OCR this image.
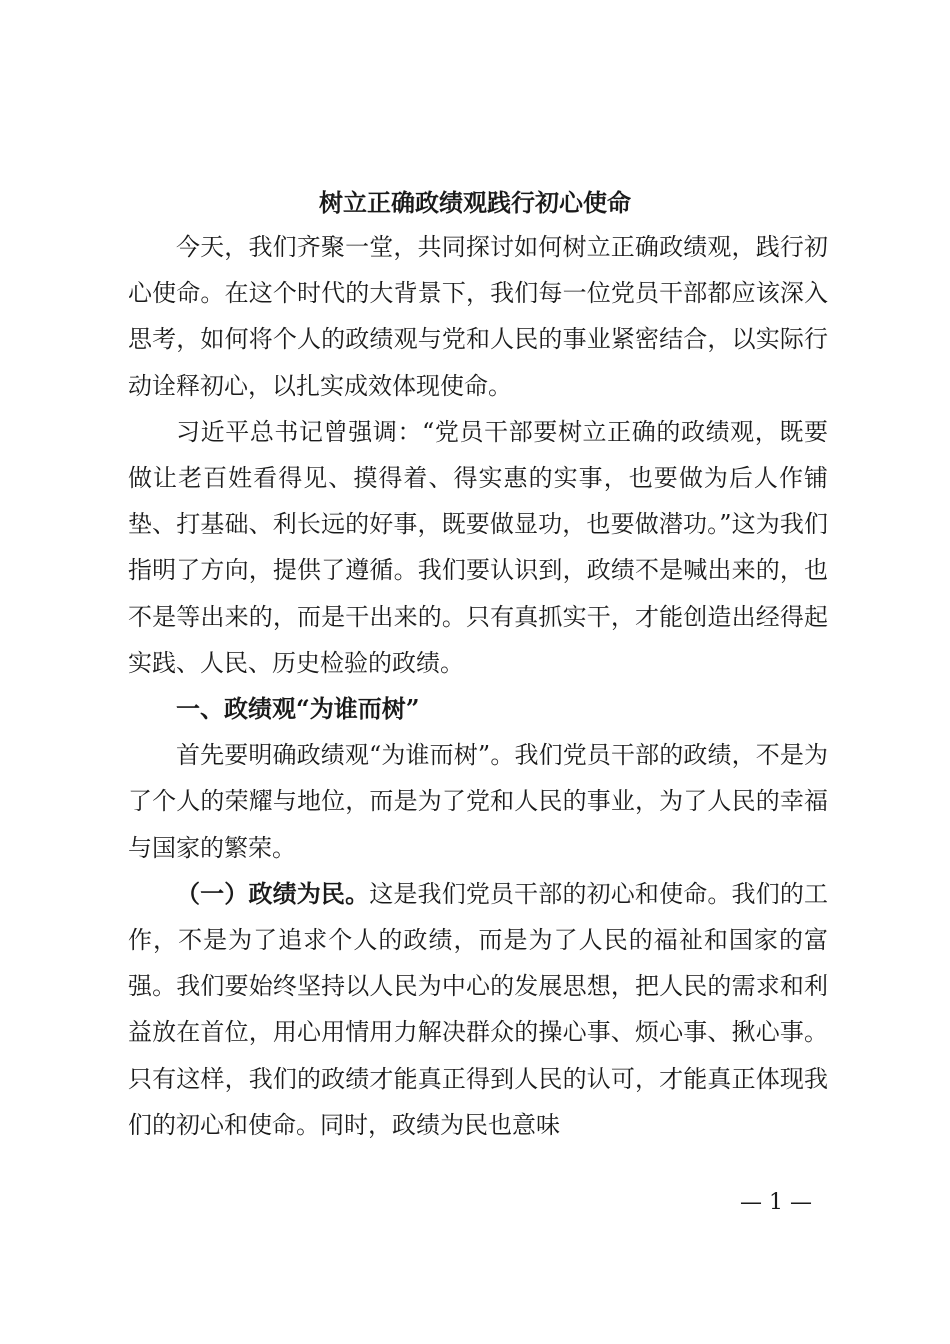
树立正确政绩观践行初心使命

今天，我们齐聚一堂，共同探讨如何树立正确政绩观，践行初心使命。在这个时代的大背景下，我们每一位党员干部都应该深入思考，如何将个人的政绩观与党和人民的事业紧密结合，以实际行动诠释初心，以扎实成效体现使命。

习近平总书记曾强调：“党员干部要树立正确的政绩观，既要做让老百姓看得见、摸得着、得实惠的实事，也要做为后人作铺垫、打基础、利长远的好事，既要做显功，也要做潜功。”这为我们指明了方向，提供了遵循。我们要认识到，政绩不是喊出来的，也不是等出来的，而是干出来的。只有真抓实干，才能创造出经得起实践、人民、历史检验的政绩。

一、政绩观“为谁而树”

首先要明确政绩观“为谁而树”。我们党员干部的政绩，不是为了个人的荣耀与地位，而是为了党和人民的事业，为了人民的幸福与国家的繁荣。

（一）政绩为民。这是我们党员干部的初心和使命。我们的工作，不是为了追求个人的政绩，而是为了人民的福祉和国家的富强。我们要始终坚持以人民为中心的发展思想，把人民的需求和利益放在首位，用心用情用力解决群众的操心事、烦心事、揪心事。只有这样，我们的政绩才能真正得到人民的认可，才能真正体现我们的初心和使命。同时，政绩为民也意味

— 1 —
